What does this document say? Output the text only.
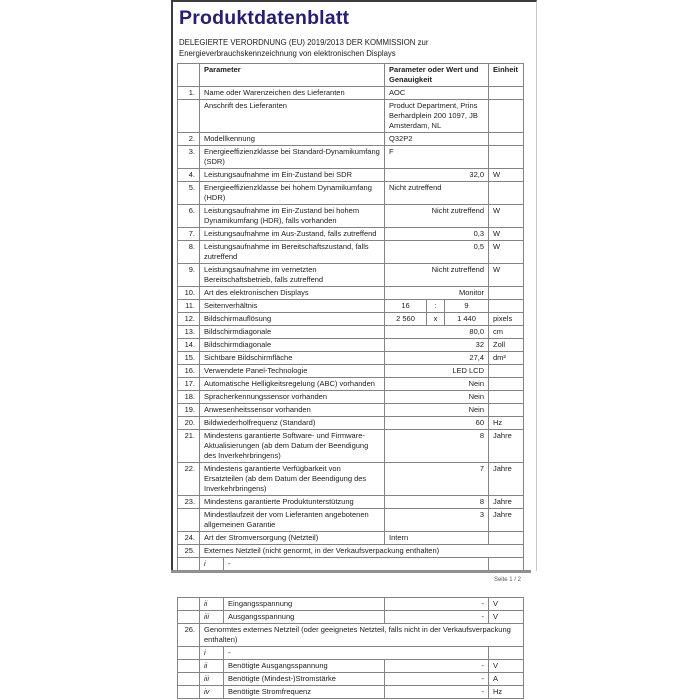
Produktdatenblatt
DELEGIERTE VERORDNUNG (EU) 2019/2013 DER KOMMISSION zur
Energieverbrauchskennzeichnung von elektronischen Displays
	Parameter		Parameter oder Wert und Genauigkeit			Einheit
1.	Name oder Warenzeichen des Lieferanten		AOC			
	Anschrift des Lieferanten		Product Department, Prins Berhardplein 200 1097, JB Amsterdam, NL			
2.	Modellkennung		Q32P2			
3.	Energieeffizienzklasse bei Standard-Dynamikumfang (SDR)		F			
4.	Leistungsaufnahme im Ein-Zustand bei SDR		32,0			W
5.	Energieeffizienzklasse bei hohem Dynamikumfang (HDR)		Nicht zutreffend			
6.	Leistungsaufnahme im Ein-Zustand bei hohem Dynamikumfang (HDR), falls vorhanden		Nicht zutreffend			W
7.	Leistungsaufnahme im Aus-Zustand, falls zutreffend		0,3			W
8.	Leistungsaufnahme im Bereitschaftszustand, falls zutreffend		0,5			W
9.	Leistungsaufnahme im vernetzten Bereitschaftsbetrieb, falls zutreffend		Nicht zutreffend			W
10.	Art des elektronischen Displays		Monitor			
11.	Seitenverhältnis		16	:	9	
12.	Bildschirmauflösung		2 560	x	1 440	pixels
13.	Bildschirmdiagonale		80,0			cm
14.	Bildschirmdiagonale		32			Zoll
15.	Sichtbare Bildschirmfläche		27,4			dm²
16.	Verwendete Panel-Technologie		LED LCD			
17.	Automatische Helligkeitsregelung (ABC) vorhanden		Nein			
18.	Spracherkennungssensor vorhanden		Nein			
19.	Anwesenheitssensor vorhanden		Nein			
20.	Bildwiederholfrequenz (Standard)		60			Hz
21.	Mindestens garantierte Software- und Firmware-Aktualisierungen (ab dem Datum der Beendigung des Inverkehrbringens)		8			Jahre
22.	Mindestens garantierte Verfügbarkeit von Ersatzteilen (ab dem Datum der Beendigung des Inverkehrbringens)		7			Jahre
23.	Mindestens garantierte Produktunterstützung		8			Jahre
	Mindestlaufzeit der vom Lieferanten angebotenen allgemeinen Garantie		3			Jahre
24.	Art der Stromversorgung (Netzteil)		Intern			
25.	Externes Netzteil (nicht genormt, in der Verkaufsverpackung enthalten)					
	i	-				
Seite 1 / 2
	ii	Eingangsspannung	-	V
	iii	Ausgangsspannung	-	V
26.	Genormtes externes Netzteil (oder geeignetes Netzteil, falls nicht in der Verkaufsverpackung enthalten)			
	i	-		
	ii	Benötigte Ausgangsspannung	-	V
	iii	Benötigte (Mindest-)Stromstärke	-	A
	iv	Benötigte Stromfrequenz	-	Hz
